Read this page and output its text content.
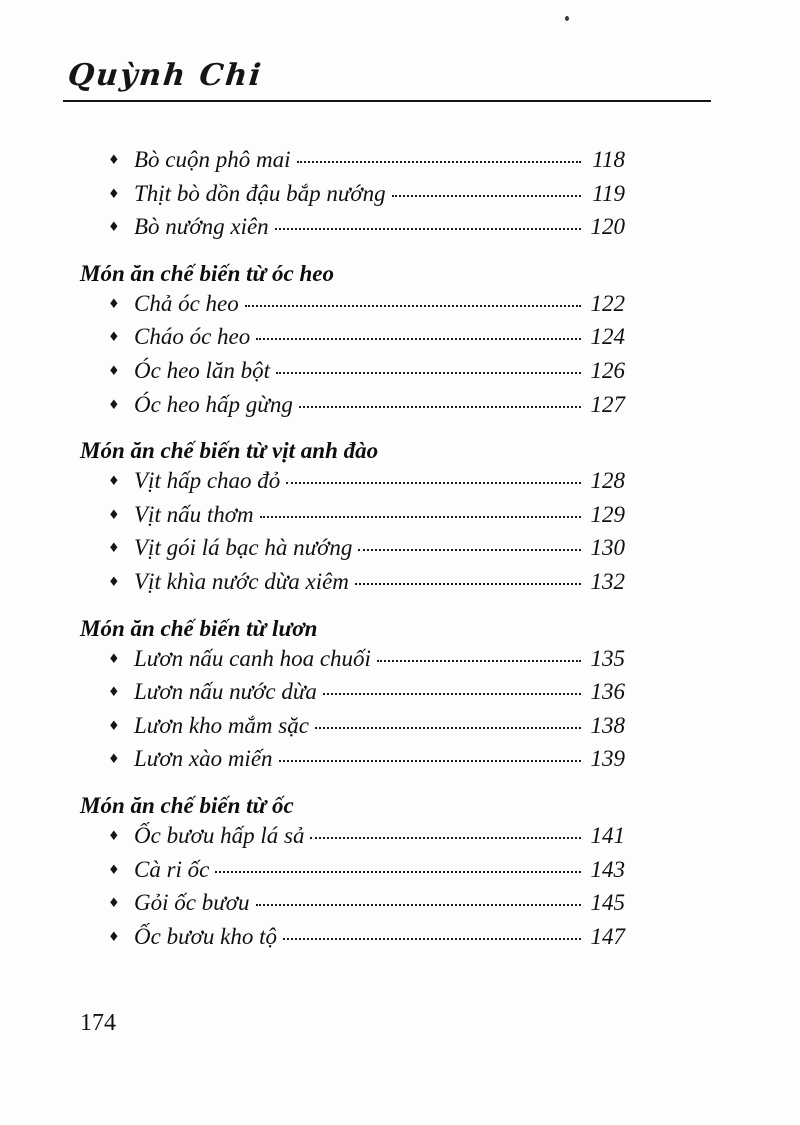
Quỳnh Chi
♦ Bò cuộn phô mai	118
♦ Thịt bò dồn đậu bắp nướng	119
♦ Bò nướng xiên	120
Món ăn chế biến từ óc heo
♦ Chả óc heo	122
♦ Cháo óc heo	124
♦ Óc heo lăn bột	126
♦ Óc heo hấp gừng	127
Món ăn chế biến từ vịt anh đào
♦ Vịt hấp chao đỏ	128
♦ Vịt nấu thơm	129
♦ Vịt gói lá bạc hà nướng	130
♦ Vịt khìa nước dừa xiêm	132
Món ăn chế biến từ lươn
♦ Lươn nấu canh hoa chuối	135
♦ Lươn nấu nước dừa	136
♦ Lươn kho mắm sặc	138
♦ Lươn xào miến	139
Món ăn chế biến từ ốc
♦ Ốc bươu hấp lá sả	141
♦ Cà ri ốc	143
♦ Gỏi ốc bươu	145
♦ Ốc bươu kho tộ	147
174
